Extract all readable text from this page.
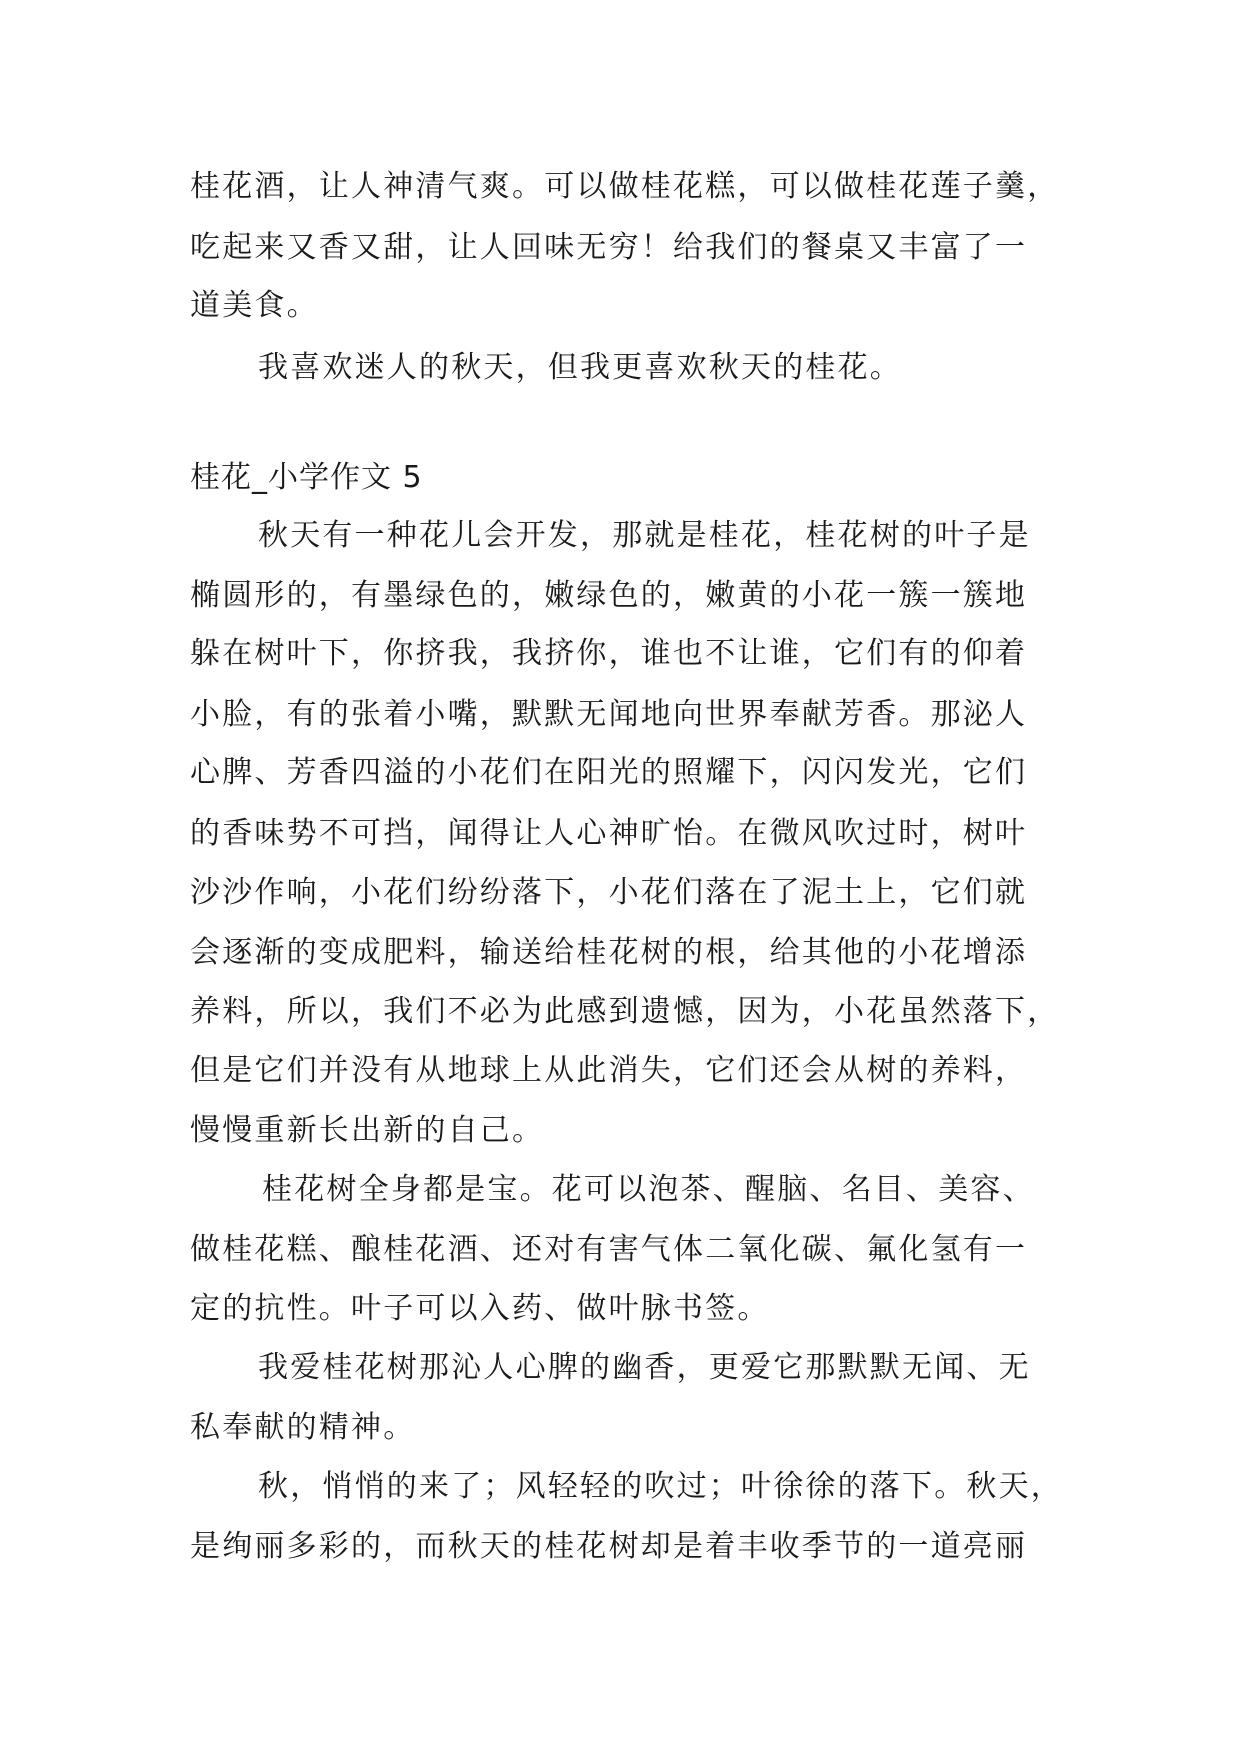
桂花酒，让人神清气爽。可以做桂花糕，可以做桂花莲子羹，
吃起来又香又甜，让人回味无穷！给我们的餐桌又丰富了一
道美食。
我喜欢迷人的秋天，但我更喜欢秋天的桂花。
桂花_小学作文 5
秋天有一种花儿会开发，那就是桂花，桂花树的叶子是
椭圆形的，有墨绿色的，嫩绿色的，嫩黄的小花一簇一簇地
躲在树叶下，你挤我，我挤你，谁也不让谁，它们有的仰着
小脸，有的张着小嘴，默默无闻地向世界奉献芳香。那泌人
心脾、芳香四溢的小花们在阳光的照耀下，闪闪发光，它们
的香味势不可挡，闻得让人心神旷怡。在微风吹过时，树叶
沙沙作响，小花们纷纷落下，小花们落在了泥土上，它们就
会逐渐的变成肥料，输送给桂花树的根，给其他的小花增添
养料，所以，我们不必为此感到遗憾，因为，小花虽然落下，
但是它们并没有从地球上从此消失，它们还会从树的养料，
慢慢重新长出新的自己。
桂花树全身都是宝。花可以泡茶、醒脑、名目、美容、
做桂花糕、酿桂花酒、还对有害气体二氧化碳、氟化氢有一
定的抗性。叶子可以入药、做叶脉书签。
我爱桂花树那沁人心脾的幽香，更爱它那默默无闻、无
私奉献的精神。
秋，悄悄的来了；风轻轻的吹过；叶徐徐的落下。秋天，
是绚丽多彩的，而秋天的桂花树却是着丰收季节的一道亮丽
